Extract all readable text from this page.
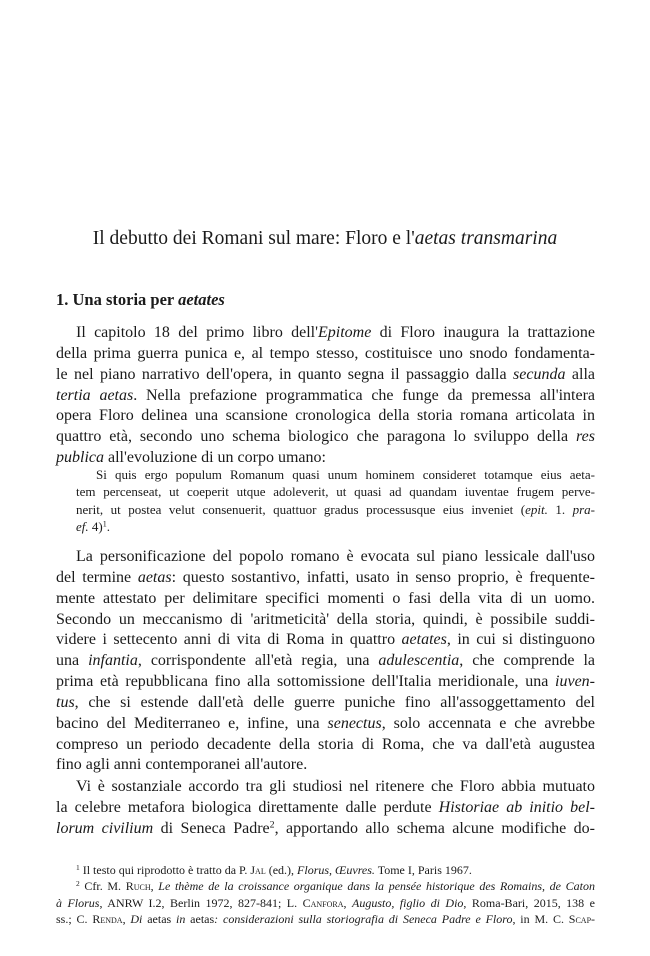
Il debutto dei Romani sul mare: Floro e l'aetas transmarina
1. Una storia per aetates
Il capitolo 18 del primo libro dell'Epitome di Floro inaugura la trattazione
della prima guerra punica e, al tempo stesso, costituisce uno snodo fondamenta-
le nel piano narrativo dell'opera, in quanto segna il passaggio dalla secunda alla
tertia aetas. Nella prefazione programmatica che funge da premessa all'intera
opera Floro delinea una scansione cronologica della storia romana articolata in
quattro età, secondo uno schema biologico che paragona lo sviluppo della res
publica all'evoluzione di un corpo umano:
Si quis ergo populum Romanum quasi unum hominem consideret totamque eius aeta-
tem percenseat, ut coeperit utque adoleverit, ut quasi ad quandam iuventae frugem perve-
nerit, ut postea velut consenuerit, quattuor gradus processusque eius inveniet (epit. 1. pra-
ef. 4)$^1$.
La personificazione del popolo romano è evocata sul piano lessicale dall'uso
del termine aetas: questo sostantivo, infatti, usato in senso proprio, è frequente-
mente attestato per delimitare specifici momenti o fasi della vita di un uomo.
Secondo un meccanismo di 'aritmeticità' della storia, quindi, è possibile suddi-
videre i settecento anni di vita di Roma in quattro aetates, in cui si distinguono
una infantia, corrispondente all'età regia, una adulescentia, che comprende la
prima età repubblicana fino alla sottomissione dell'Italia meridionale, una iuven-
tus, che si estende dall'età delle guerre puniche fino all'assoggettamento del
bacino del Mediterraneo e, infine, una senectus, solo accennata e che avrebbe
compreso un periodo decadente della storia di Roma, che va dall'età augustea
fino agli anni contemporanei all'autore.
Vi è sostanziale accordo tra gli studiosi nel ritenere che Floro abbia mutuato
la celebre metafora biologica direttamente dalle perdute Historiae ab initio bel-
lorum civilium di Seneca Padre$^2$, apportando allo schema alcune modifiche do-
$^1$ Il testo qui riprodotto è tratto da P. Jal (ed.), Florus, Œuvres. Tome I, Paris 1967.
$^2$ Cfr. M. Ruch, Le thème de la croissance organique dans la pensée historique des Romains, de Caton
à Florus, ANRW I.2, Berlin 1972, 827-841; L. Canfora, Augusto, figlio di Dio, Roma-Bari, 2015, 138 e
ss.; C. Renda, Di aetas in aetas: considerazioni sulla storiografia di Seneca Padre e Floro, in M. C. Scap-
